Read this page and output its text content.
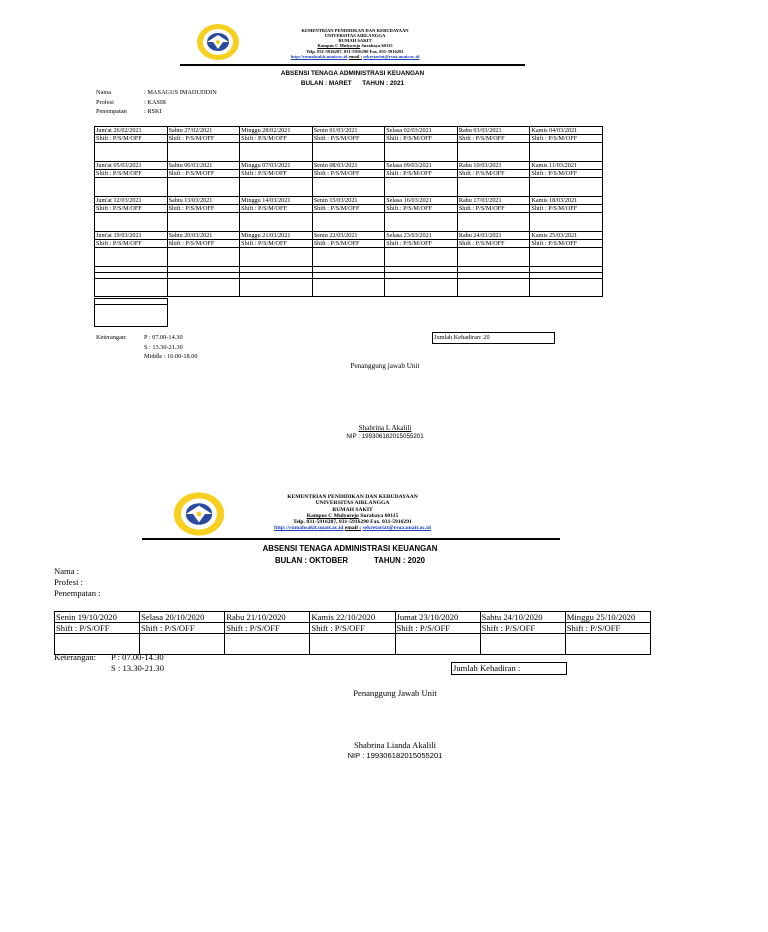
KEMENTRIAN PENDIDIKAN DAN KEBUDAYAAN
UNIVERSITAS AIRLANGGA
RUMAH SAKIT
Kampus C Mulyorejo Surabaya 60115
Telp. 031-5916287, 031-5916290 Fax. 031-5916291
http://rumahsakit.unair.ac.id email : sekretariat@rsua.unair.ac.id
ABSENSI TENAGA ADMINISTRASI KEUANGAN
BULAN : MARET      TAHUN : 2021
Nama	: MASAGUS IMADUDDIN
Profesi	: KASIR
Penempatan	: RSKI
Jum'at 26/02/2021	Sabtu 27/02/2021	Minggu 28/02/2021	Senin 01/03/2021	Selasa 02/03/2021	Rabu 03/03/2021	Kamis 04/03/2021
Shift : P/S/M/OFF	Shift : P/S/M/OFF	Shift : P/S/M/OFF	Shift : P/S/M/OFF	Shift : P/S/M/OFF	Shift : P/S/M/OFF	Shift : P/S/M/OFF

Jum'at 05/03/2021	Sabtu 06/03/2021	Minggu 07/03/2021	Senin 08/03/2021	Selasa 09/03/2021	Rabu 10/03/2021	Kamis 11/03/2021
Shift : P/S/M/OFF	Shift : P/S/M/OFF	Shift : P/S/M/OFF	Shift : P/S/M/OFF	Shift : P/S/M/OFF	Shift : P/S/M/OFF	Shift : P/S/M/OFF

Jum'at 12/03/2021	Sabtu 13/03/2021	Minggu 14/03/2021	Senin 15/03/2021	Selasa 16/03/2021	Rabu 17/03/2021	Kamis 18/03/2021
Shift : P/S/M/OFF	Shift : P/S/M/OFF	Shift : P/S/M/OFF	Shift : P/S/M/OFF	Shift : P/S/M/OFF	Shift : P/S/M/OFF	Shift : P/S/M/OFF

Jum'at 19/03/2021	Sabtu 20/03/2021	Minggu 21/03/2021	Senin 22/03/2021	Selasa 23/03/2021	Rabu 24/03/2021	Kamis 25/03/2021
Shift : P/S/M/OFF	Shift : P/S/M/OFF	Shift : P/S/M/OFF	Shift : P/S/M/OFF	Shift : P/S/M/OFF	Shift : P/S/M/OFF	Shift : P/S/M/OFF

Keterangan:	P : 07.00-14.30
S : 13.30-21.30
Middle : 10.00-18.00
Jumlah Kehadiran: 20
Penanggung jawab Unit
Shabrina L Akalili
NIP : 199306182015055201
KEMENTRIAN PENDIDIKAN DAN KEBUDAYAAN
UNIVERSITAS AIRLANGGA
RUMAH SAKIT
Kampus C Mulyorejo Surabaya 60115
Telp. 031-5916287, 031-5916290 Fax. 031-5916291
http://rumahsakit.unair.ac.id email : sekretariat@rsua.unair.ac.id
ABSENSI TENAGA ADMINISTRASI KEUANGAN
BULAN : OKTOBER            TAHUN : 2020
Nama :
Profesi :
Penempatan :
Senin 19/10/2020	Selasa 20/10/2020	Rabu 21/10/2020	Kamis 22/10/2020	Jumat 23/10/2020	Sabtu 24/10/2020	Minggu 25/10/2020
Shift : P/S/OFF	Shift : P/S/OFF	Shift : P/S/OFF	Shift : P/S/OFF	Shift : P/S/OFF	Shift : P/S/OFF	Shift : P/S/OFF

Keterangan: P : 07.00-14.30
S : 13.30-21.30	Jumlah Kehadiran :
Penanggung Jawab Unit
Shabrina Lianda Akalili
NIP : 199306182015055201
